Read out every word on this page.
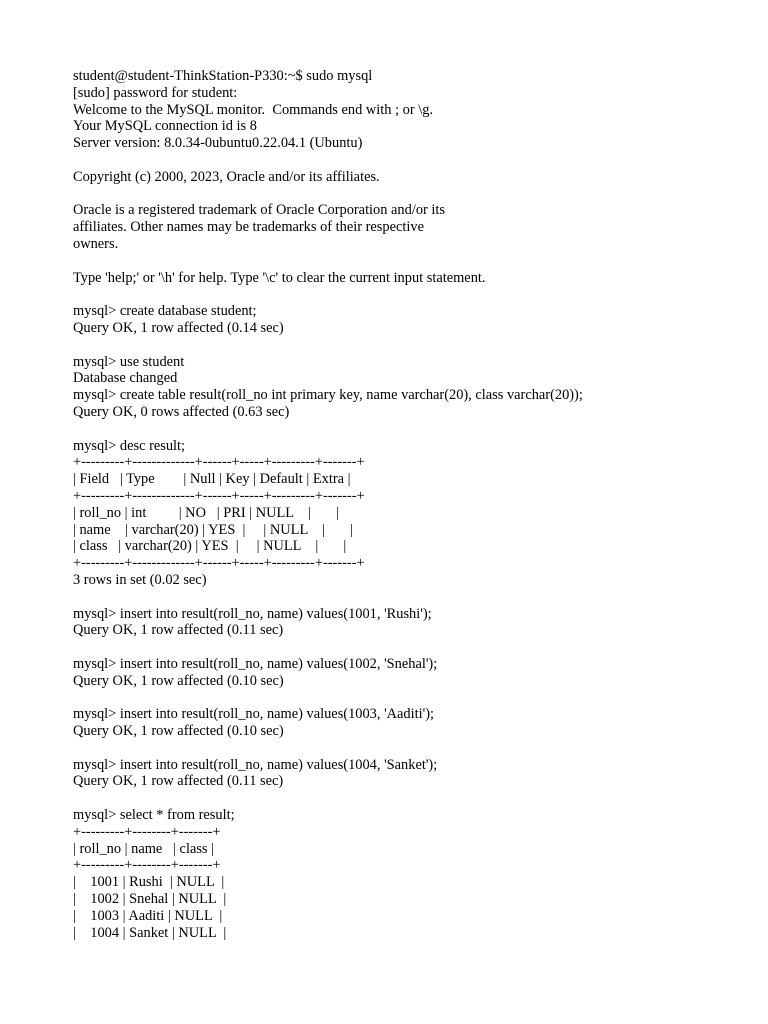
student@student-ThinkStation-P330:~$ sudo mysql
[sudo] password for student:
Welcome to the MySQL monitor.  Commands end with ; or \g.
Your MySQL connection id is 8
Server version: 8.0.34-0ubuntu0.22.04.1 (Ubuntu)
Copyright (c) 2000, 2023, Oracle and/or its affiliates.
Oracle is a registered trademark of Oracle Corporation and/or its
affiliates. Other names may be trademarks of their respective
owners.
Type 'help;' or '\h' for help. Type '\c' to clear the current input statement.
mysql> create database student;
Query OK, 1 row affected (0.14 sec)
mysql> use student
Database changed
mysql> create table result(roll_no int primary key, name varchar(20), class varchar(20));
Query OK, 0 rows affected (0.63 sec)
mysql> desc result;
+---------+-------------+------+-----+---------+-------+
| Field   | Type        | Null | Key | Default | Extra |
+---------+-------------+------+-----+---------+-------+
| roll_no | int         | NO   | PRI | NULL    |       |
| name    | varchar(20) | YES  |     | NULL    |       |
| class   | varchar(20) | YES  |     | NULL    |       |
+---------+-------------+------+-----+---------+-------+
3 rows in set (0.02 sec)
mysql> insert into result(roll_no, name) values(1001, 'Rushi');
Query OK, 1 row affected (0.11 sec)
mysql> insert into result(roll_no, name) values(1002, 'Snehal');
Query OK, 1 row affected (0.10 sec)
mysql> insert into result(roll_no, name) values(1003, 'Aaditi');
Query OK, 1 row affected (0.10 sec)
mysql> insert into result(roll_no, name) values(1004, 'Sanket');
Query OK, 1 row affected (0.11 sec)
mysql> select * from result;
+---------+--------+-------+
| roll_no | name   | class |
+---------+--------+-------+
|    1001 | Rushi  | NULL  |
|    1002 | Snehal | NULL  |
|    1003 | Aaditi | NULL  |
|    1004 | Sanket | NULL  |
